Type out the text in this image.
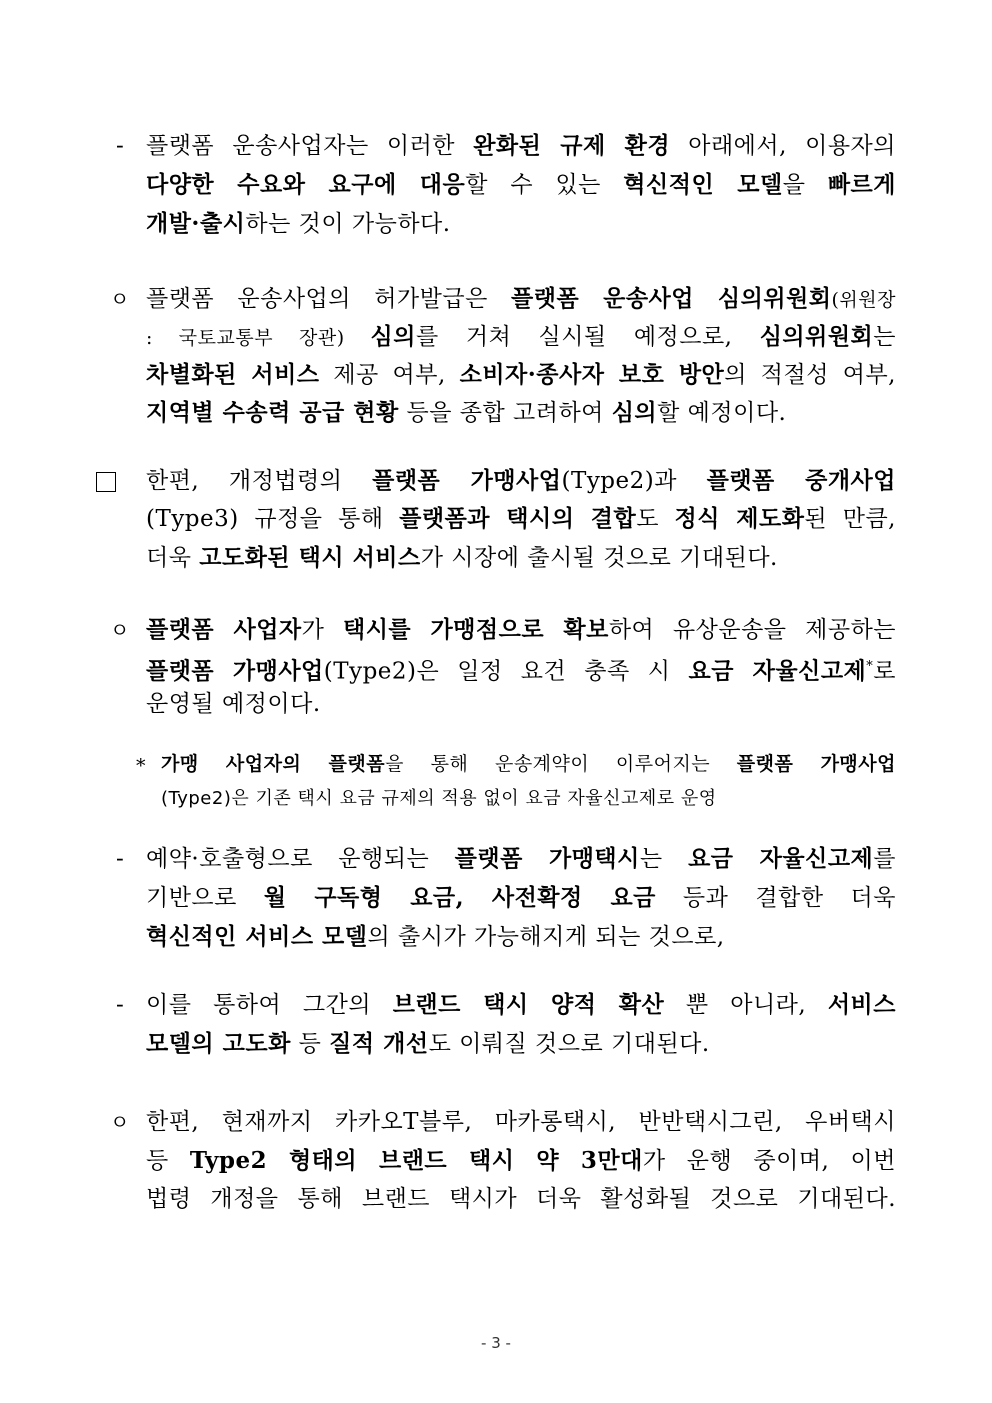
- 플랫폼 운송사업자는 이러한 완화된 규제 환경 아래에서, 이용자의
다양한 수요와 요구에 대응할 수 있는 혁신적인 모델을 빠르게
개발·출시하는 것이 가능하다.
ㅇ 플랫폼 운송사업의 허가발급은 플랫폼 운송사업 심의위원회(위원장
: 국토교통부 장관) 심의를 거쳐 실시될 예정으로, 심의위원회는
차별화된 서비스 제공 여부, 소비자·종사자 보호 방안의 적절성 여부,
지역별 수송력 공급 현황 등을 종합 고려하여 심의할 예정이다.
한편, 개정법령의 플랫폼 가맹사업(Type2)과 플랫폼 중개사업
(Type3) 규정을 통해 플랫폼과 택시의 결합도 정식 제도화된 만큼,
더욱 고도화된 택시 서비스가 시장에 출시될 것으로 기대된다.
ㅇ 플랫폼 사업자가 택시를 가맹점으로 확보하여 유상운송을 제공하는
플랫폼 가맹사업(Type2)은 일정 요건 충족 시 요금 자율신고제*로
운영될 예정이다.
* 가맹 사업자의 플랫폼을 통해 운송계약이 이루어지는 플랫폼 가맹사업
(Type2)은 기존 택시 요금 규제의 적용 없이 요금 자율신고제로 운영
- 예약·호출형으로 운행되는 플랫폼 가맹택시는 요금 자율신고제를
기반으로 월 구독형 요금, 사전확정 요금 등과 결합한 더욱
혁신적인 서비스 모델의 출시가 가능해지게 되는 것으로,
- 이를 통하여 그간의 브랜드 택시 양적 확산 뿐 아니라, 서비스
모델의 고도화 등 질적 개선도 이뤄질 것으로 기대된다.
ㅇ 한편, 현재까지 카카오T블루, 마카롱택시, 반반택시그린, 우버택시
등 Type2 형태의 브랜드 택시 약 3만대가 운행 중이며, 이번
법령 개정을 통해 브랜드 택시가 더욱 활성화될 것으로 기대된다.
- 3 -
